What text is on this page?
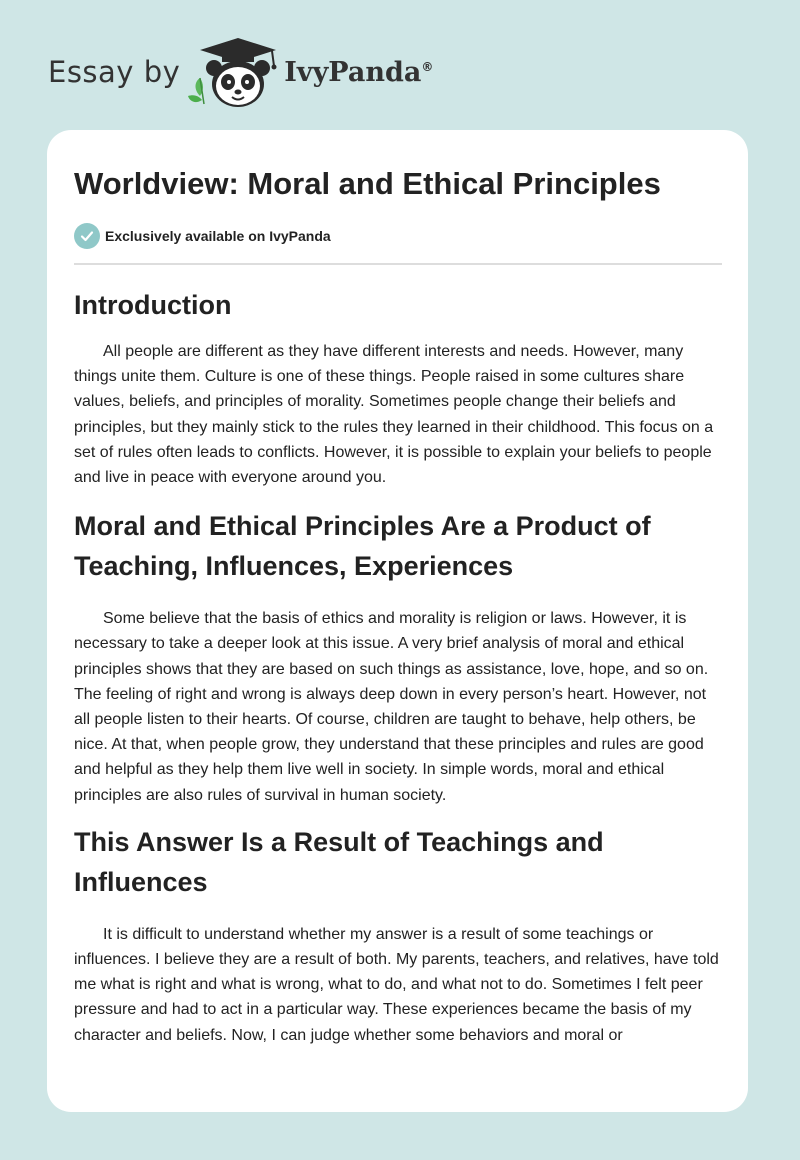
Essay by	IvyPanda®
Worldview: Moral and Ethical Principles
Exclusively available on IvyPanda
Introduction

All people are different as they have different interests and needs. However, many things unite them. Culture is one of these things. People raised in some cultures share values, beliefs, and principles of morality. Sometimes people change their beliefs and principles, but they mainly stick to the rules they learned in their childhood. This focus on a set of rules often leads to conflicts. However, it is possible to explain your beliefs to people and live in peace with everyone around you.

Moral and Ethical Principles Are a Product of Teaching, Influences, Experiences

Some believe that the basis of ethics and morality is religion or laws. However, it is necessary to take a deeper look at this issue. A very brief analysis of moral and ethical principles shows that they are based on such things as assistance, love, hope, and so on. The feeling of right and wrong is always deep down in every person’s heart. However, not all people listen to their hearts. Of course, children are taught to behave, help others, be nice. At that, when people grow, they understand that these principles and rules are good and helpful as they help them live well in society. In simple words, moral and ethical principles are also rules of survival in human society.

This Answer Is a Result of Teachings and Influences

It is difficult to understand whether my answer is a result of some teachings or influences. I believe they are a result of both. My parents, teachers, and relatives, have told me what is right and what is wrong, what to do, and what not to do. Sometimes I felt peer pressure and had to act in a particular way. These experiences became the basis of my character and beliefs. Now, I can judge whether some behaviors and moral or
